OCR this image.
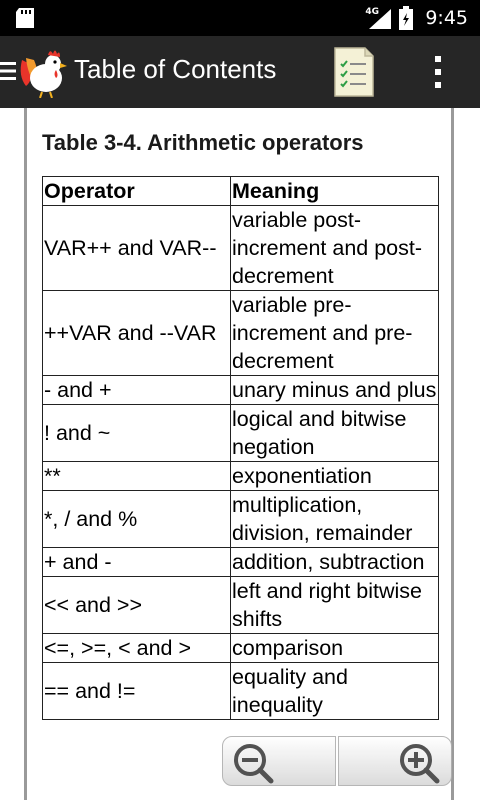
4G 9:45
Table of Contents
Table 3-4. Arithmetic operators
Operator	Meaning
VAR++ and VAR--	variable post-increment and post-decrement
++VAR and --VAR	variable pre-increment and pre-decrement
- and +	unary minus and plus
! and ~	logical and bitwise negation
**	exponentiation
*, / and %	multiplication, division, remainder
+ and -	addition, subtraction
<< and >>	left and right bitwise shifts
<=, >=, < and >	comparison
== and !=	equality and inequality
